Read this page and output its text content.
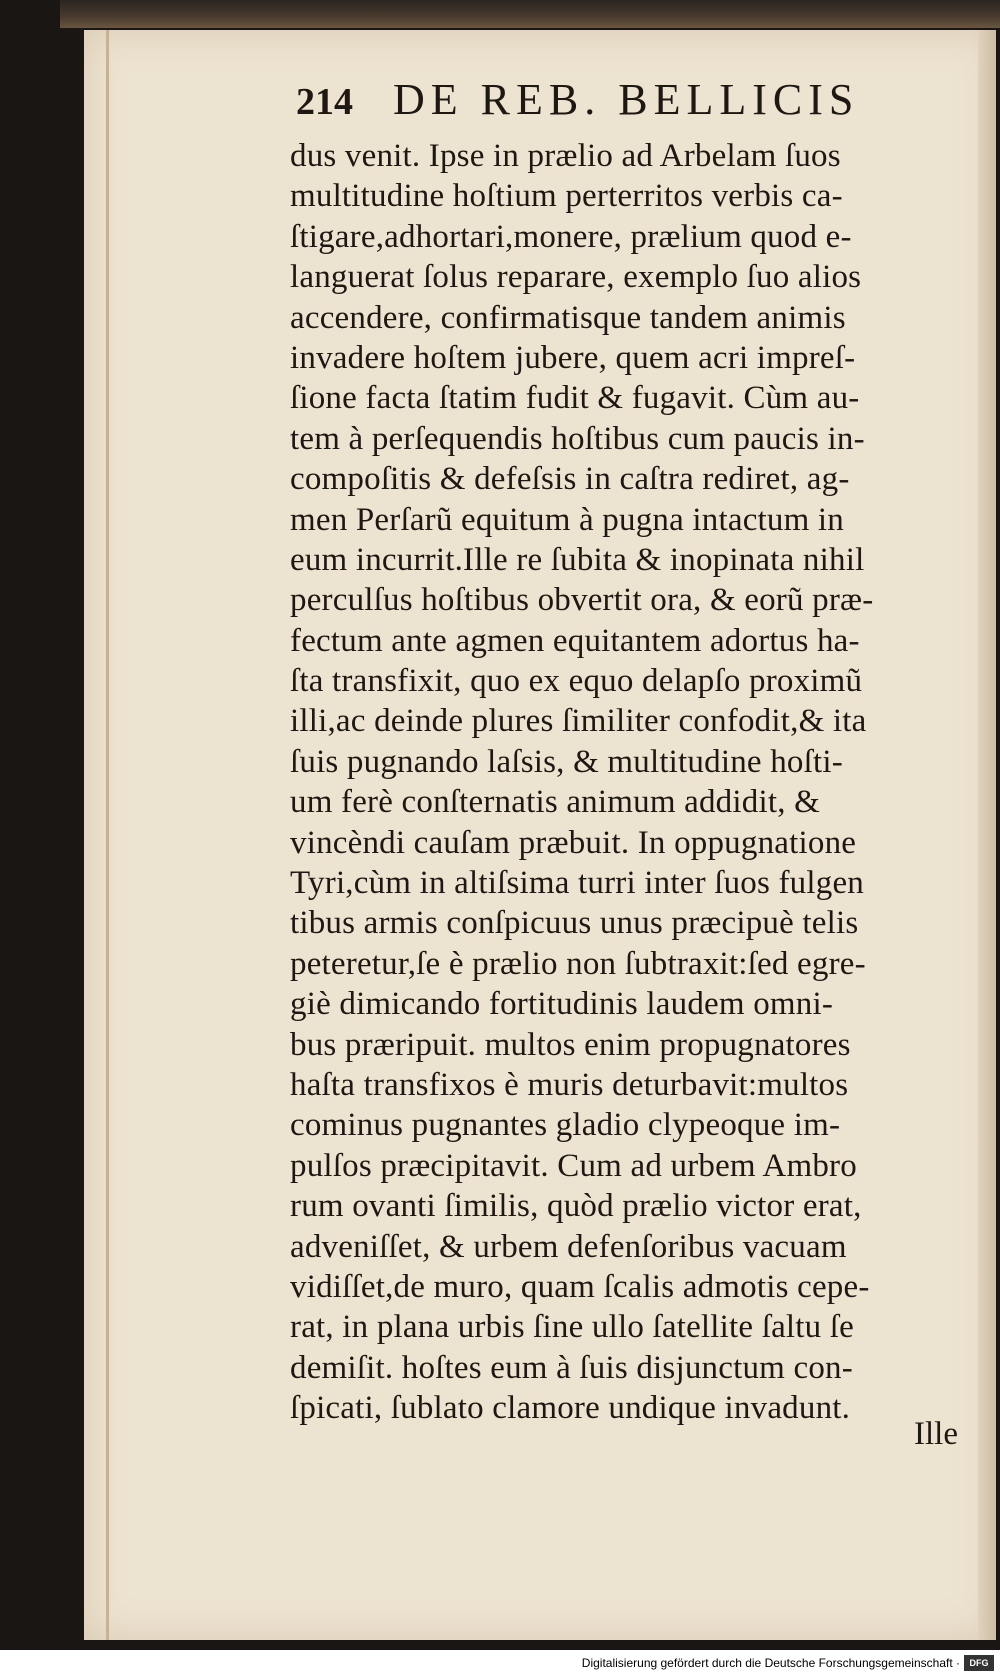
214 DE REB. BELLICIS
dus venit. Ipse in prælio ad Arbelam ſuos
multitudine hoſtium perterritos verbis ca-
ſtigare,adhortari,monere, prælium quod e-
languerat ſolus reparare, exemplo ſuo alios
accendere, confirmatisque tandem animis
invadere hoſtem jubere, quem acri impreſ-
ſione facta ſtatim fudit & fugavit. Cùm au-
tem à perſequendis hoſtibus cum paucis in-
compoſitis & defeſsis in caſtra rediret, ag-
men Perſarũ equitum à pugna intactum in
eum incurrit.Ille re ſubita & inopinata nihil
perculſus hoſtibus obvertit ora, & eorũ præ-
fectum ante agmen equitantem adortus ha-
ſta transfixit, quo ex equo delapſo proximũ
illi,ac deinde plures ſimiliter confodit,& ita
ſuis pugnando laſsis, & multitudine hoſti-
um ferè conſternatis animum addidit, &
vincèndi cauſam præbuit. In oppugnatione
Tyri,cùm in altiſsima turri inter ſuos fulgen
tibus armis conſpicuus unus præcipuè telis
peteretur,ſe è prælio non ſubtraxit:ſed egre-
giè dimicando fortitudinis laudem omni-
bus præripuit. multos enim propugnatores
haſta transfixos è muris deturbavit:multos
cominus pugnantes gladio clypeoque im-
pulſos præcipitavit. Cum ad urbem Ambro
rum ovanti ſimilis, quòd prælio victor erat,
adveniſſet, & urbem defenſoribus vacuam
vidiſſet,de muro, quam ſcalis admotis cepe-
rat, in plana urbis ſine ullo ſatellite ſaltu ſe
demiſit. hoſtes eum à ſuis disjunctum con-
ſpicati, ſublato clamore undique invadunt.
Ille
Digitalisierung gefördert durch die Deutsche Forschungsgemeinschaft ·	DFG
